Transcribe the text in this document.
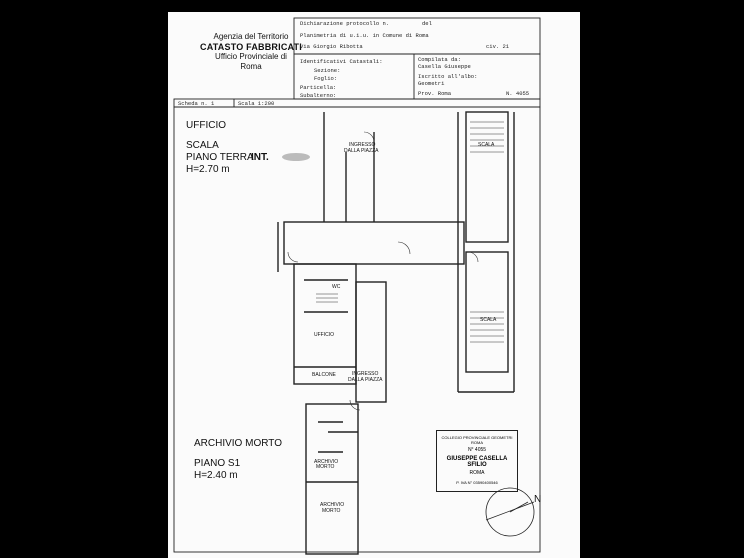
Agenzia del Territorio
CATASTO FABBRICATI
Ufficio Provinciale di
Roma
Dichiarazione protocollo n.	del
Planimetria di u.i.u. in Comune di Roma
Via Giorgio Ribotta	civ. 21
Identificativi Catastali:
Sezione:
Foglio:
Particella:
Subalterno:
Compilata da:
Casella Giuseppe
Iscritto all'albo:
Geometri
Prov. Roma	N. 4055
Scheda n. 1	Scala 1:200
UFFICIO
SCALA
PIANO TERRA
INT.
H=2.70 m
INGRESSO
DALLA PIAZZA
SCALA
SCALA
WC
UFFICIO
BALCONE	INGRESSO
DALLA PIAZZA
ARCHIVIO MORTO
PIANO S1
H=2.40 m
ARCHIVIO
MORTO
ARCHIVIO
MORTO
N
COLLEGIO PROVINCIALE GEOMETRI ROMA
N° 4055
GIUSEPPE CASELLA SFILIO
ROMA
P. IVA N° 03590400546
